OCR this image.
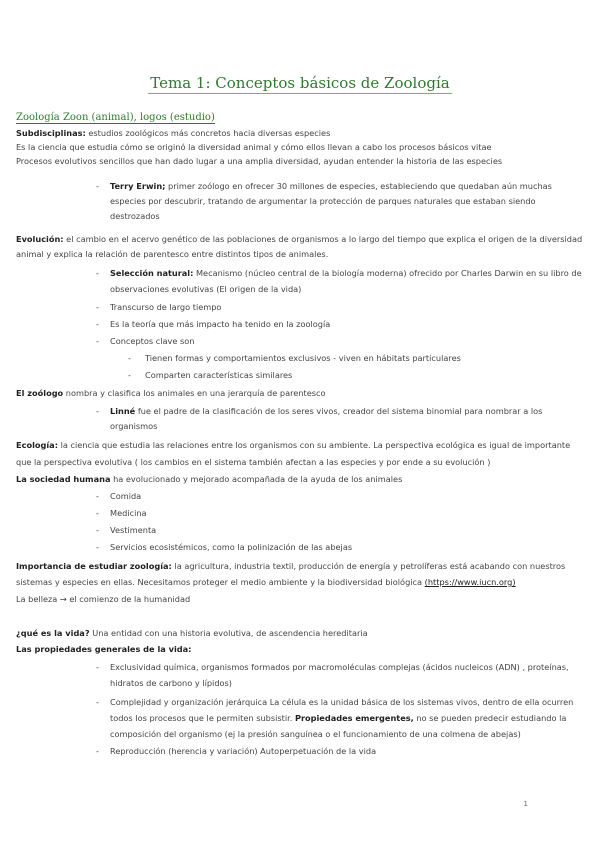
Tema 1: Conceptos básicos de Zoología
Zoología Zoon (animal), logos (estudio)
Subdisciplinas: estudios zoológicos más concretos hacia diversas especies
Es la ciencia que estudia cómo se originó la diversidad animal y cómo ellos llevan a cabo los procesos básicos vitae
Procesos evolutivos sencillos que han dado lugar a una amplia diversidad, ayudan entender la historia de las especies
- Terry Erwin; primer zoólogo en ofrecer 30 millones de especies, estableciendo que quedaban aún muchas
especies por descubrir, tratando de argumentar la protección de parques naturales que estaban siendo
destrozados
Evolución: el cambio en el acervo genético de las poblaciones de organismos a lo largo del tiempo que explica el origen de la diversidad
animal y explica la relación de parentesco entre distintos tipos de animales.
- Selección natural: Mecanismo (núcleo central de la biología moderna) ofrecido por Charles Darwin en su libro de
observaciones evolutivas (El origen de la vida)
- Transcurso de largo tiempo
- Es la teoría que más impacto ha tenido en la zoología
- Conceptos clave son
- Tienen formas y comportamientos exclusivos - viven en hábitats particulares
- Comparten características similares
El zoólogo nombra y clasifica los animales en una jerarquía de parentesco
- Linné fue el padre de la clasificación de los seres vivos, creador del sistema binomial para nombrar a los
organismos
Ecología: la ciencia que estudia las relaciones entre los organismos con su ambiente. La perspectiva ecológica es igual de importante
que la perspectiva evolutiva ( los cambios en el sistema también afectan a las especies y por ende a su evolución )
La sociedad humana ha evolucionado y mejorado acompañada de la ayuda de los animales
- Comida
- Medicina
- Vestimenta
- Servicios ecosistémicos, como la polinización de las abejas
Importancia de estudiar zoología: la agricultura, industria textil, producción de energía y petrolíferas está acabando con nuestros
sistemas y especies en ellas. Necesitamos proteger el medio ambiente y la biodiversidad biológica (https://www.iucn.org)
La belleza → el comienzo de la humanidad
¿qué es la vida? Una entidad con una historia evolutiva, de ascendencia hereditaria
Las propiedades generales de la vida:
- Exclusividad química, organismos formados por macromoléculas complejas (ácidos nucleicos (ADN) , proteínas,
hidratos de carbono y lípidos)
- Complejidad y organización jerárquica La célula es la unidad básica de los sistemas vivos, dentro de ella ocurren
todos los procesos que le permiten subsistir. Propiedades emergentes, no se pueden predecir estudiando la
composición del organismo (ej la presión sanguínea o el funcionamiento de una colmena de abejas)
- Reproducción (herencia y variación) Autoperpetuación de la vida
1
